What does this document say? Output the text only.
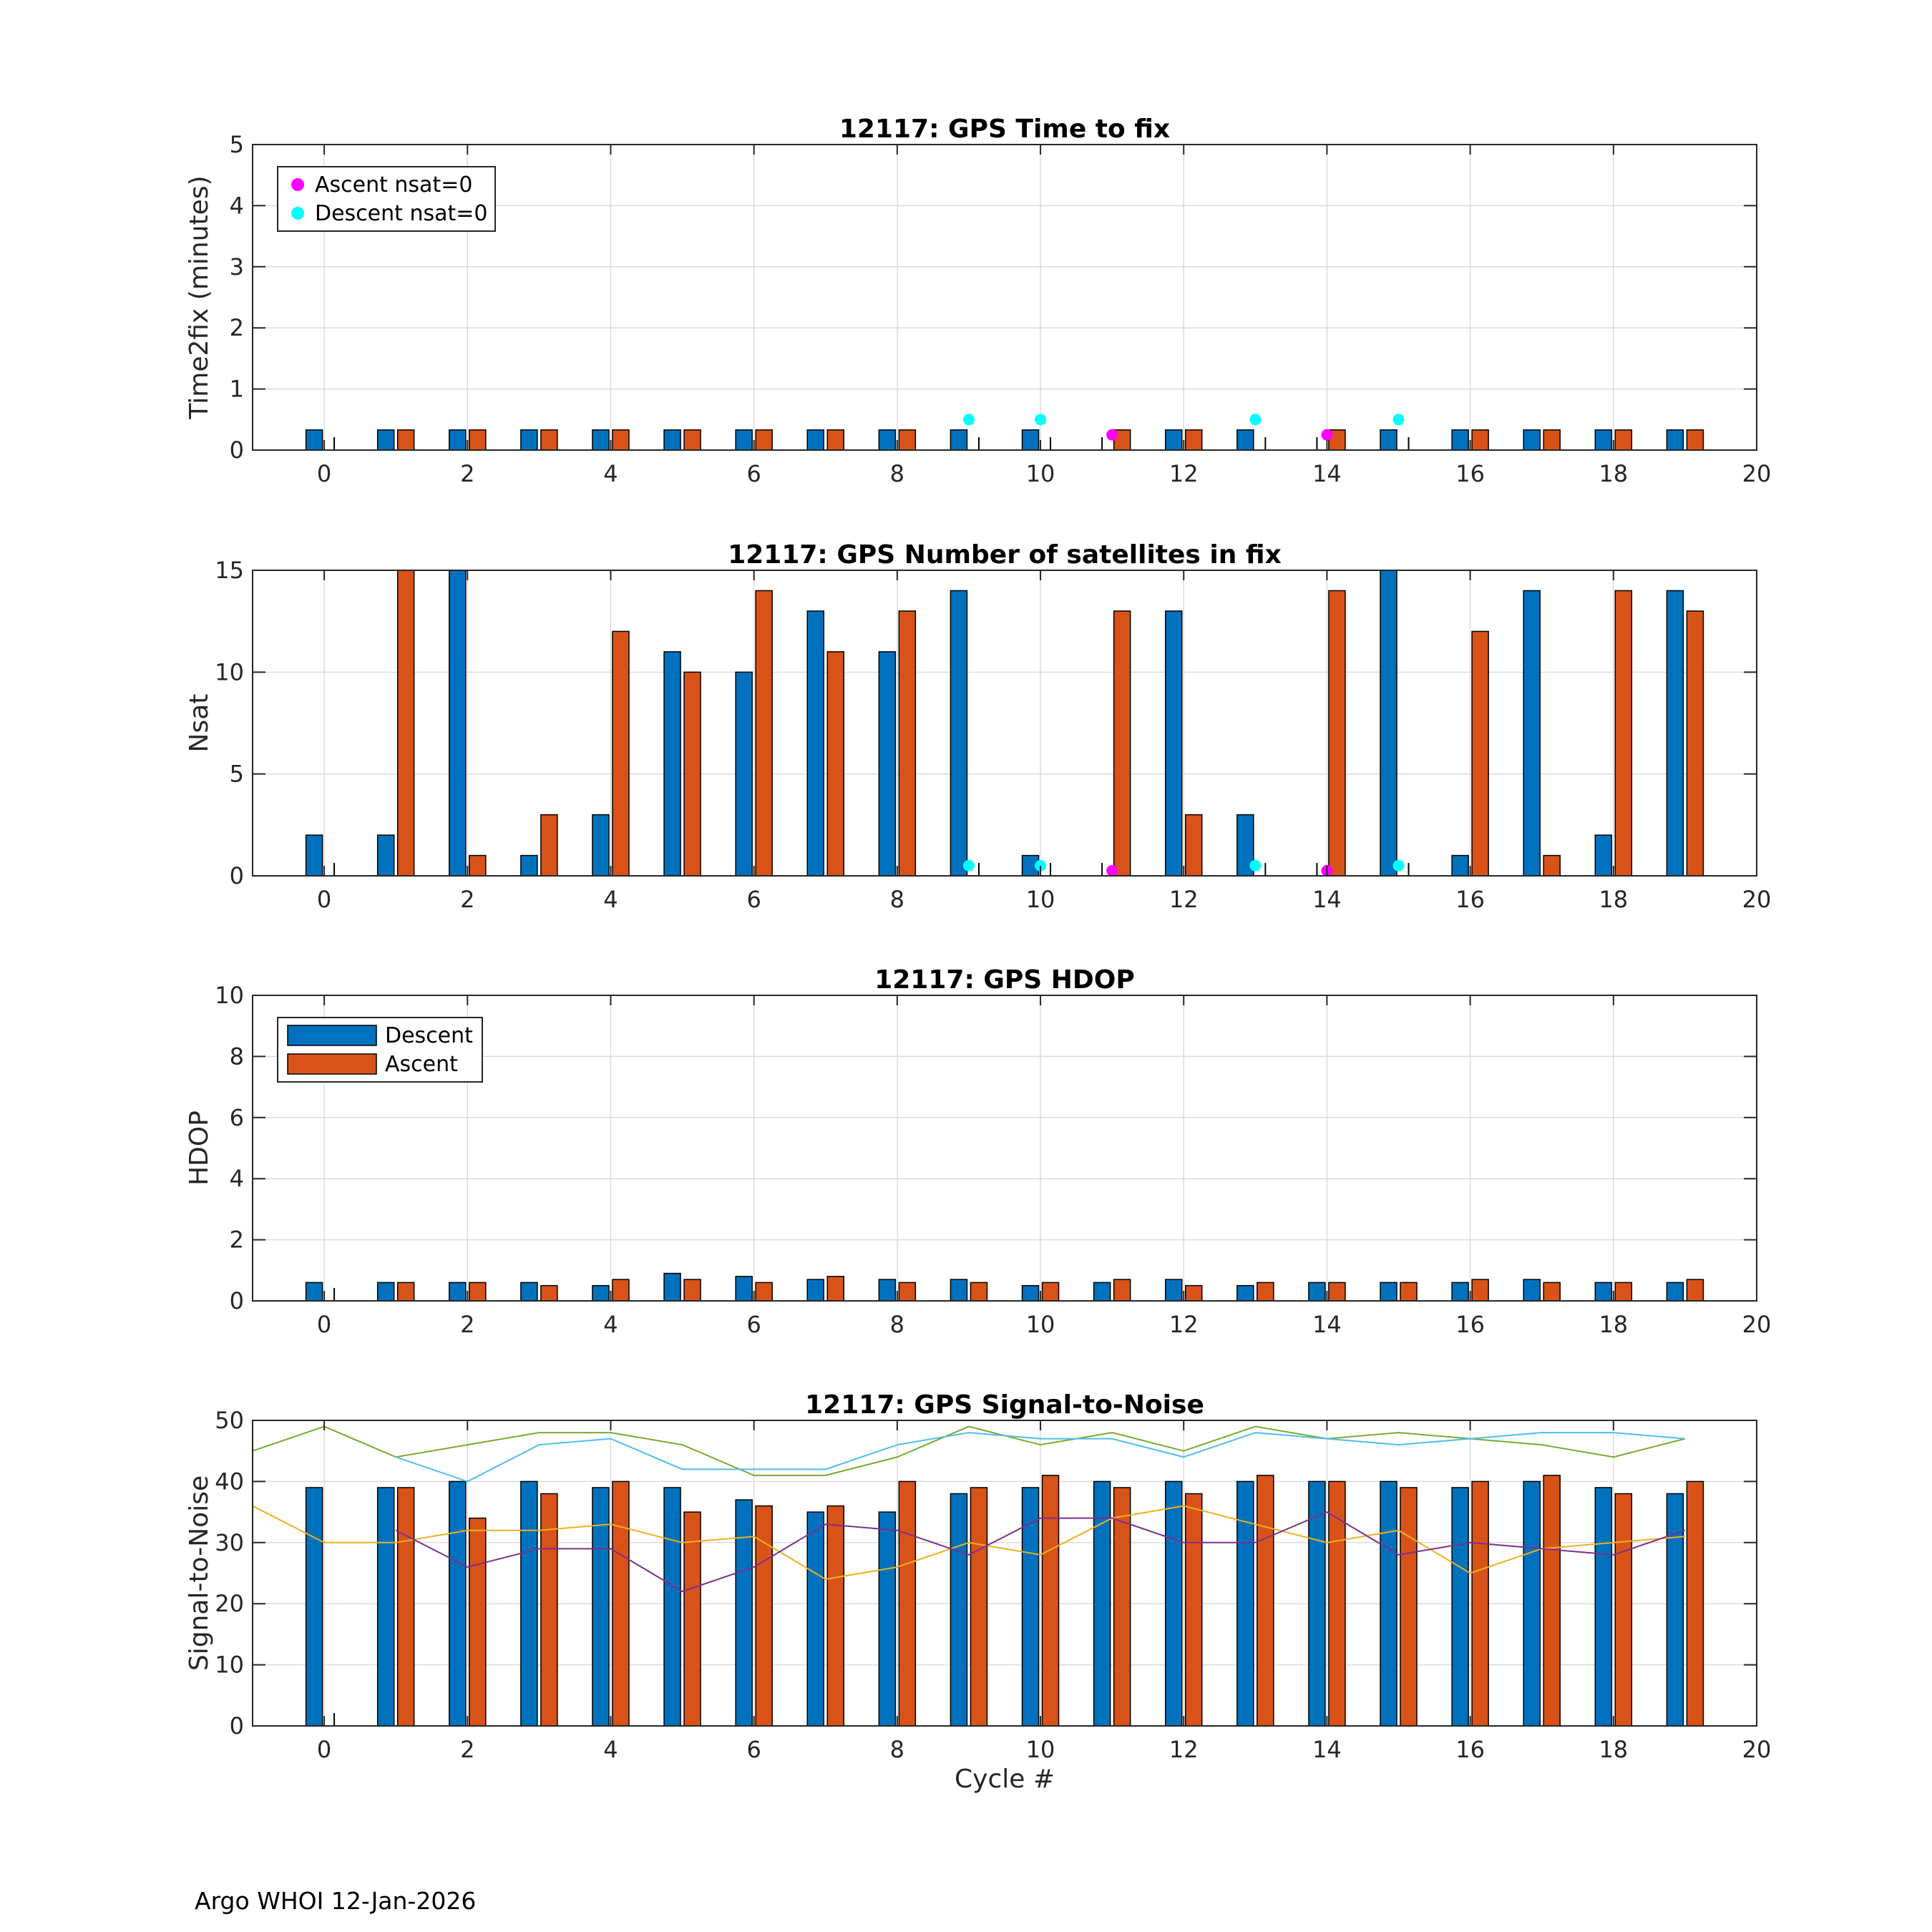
0	2	4	6	8	10	12	14	16	18	20
0
1
2
3
4
5
12117: GPS Time to fix
Time2fix (minutes)	Ascent nsat=0
Descent nsat=0
0	2	4	6	8	10	12	14	16	18	20
0
5
10
15
12117: GPS Number of satellites in fix
Nsat
0	2	4	6	8	10	12	14	16	18	20
0
2
4
6
8
10
12117: GPS HDOP
HDOP
Descent
Ascent
0	2	4	6	8	10	12	14	16	18	20
0
10
20
30
40
50
12117: GPS Signal-to-Noise
Signal-to-Noise
Cycle #
Argo WHOI 12-Jan-2026
